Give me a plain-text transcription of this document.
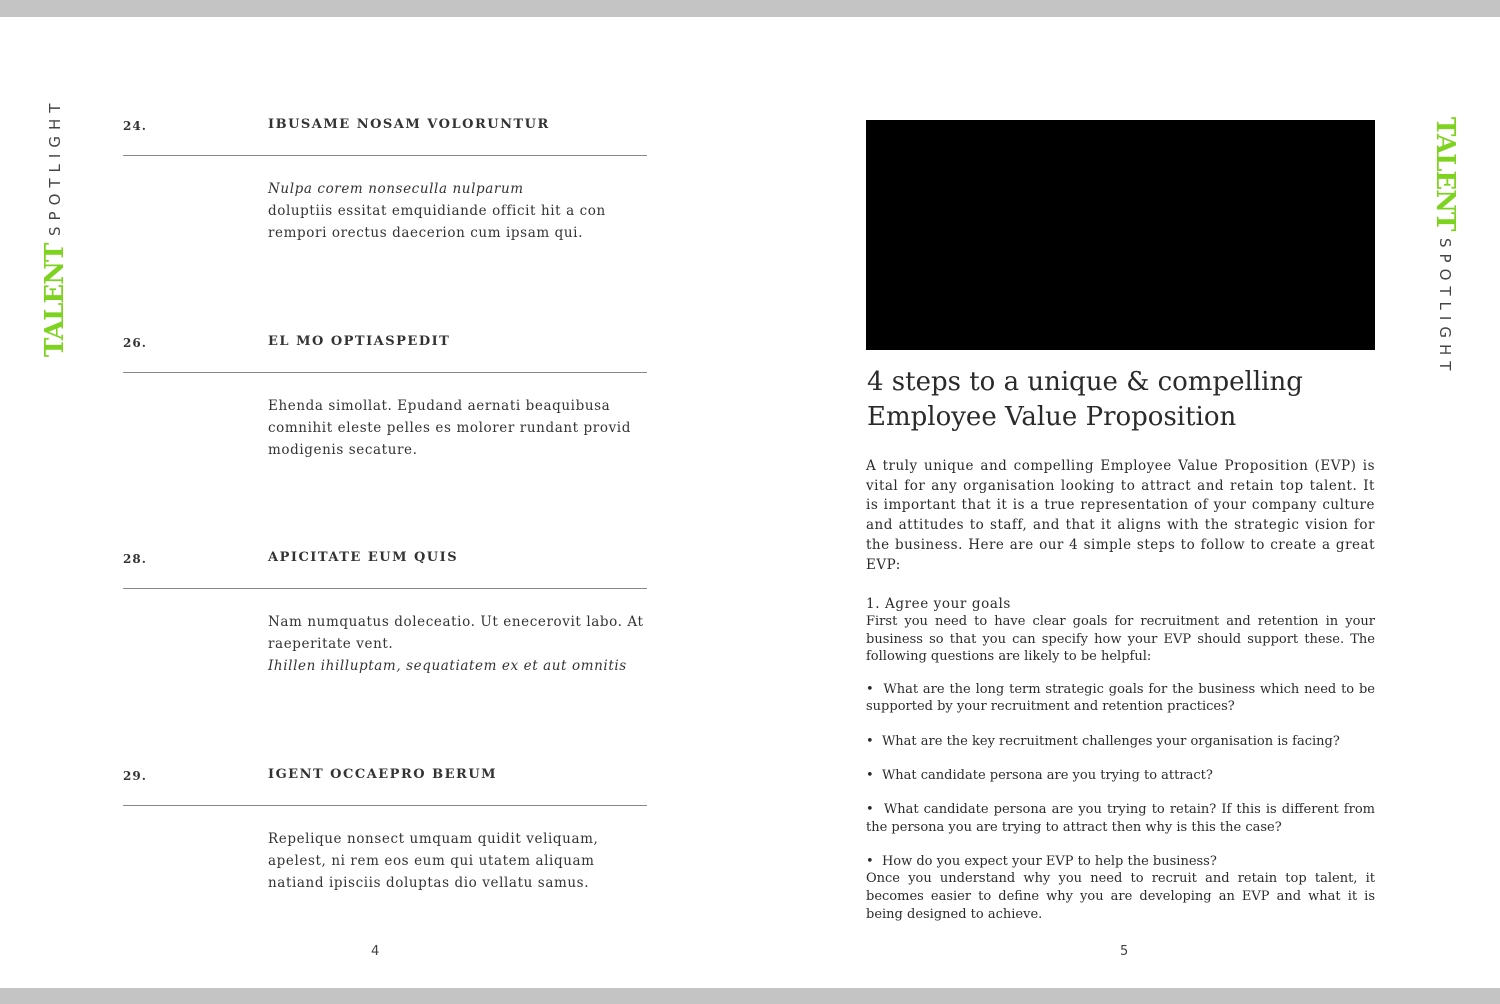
TALENT
SPOTLIGHT	24.	IBUSAME NOSAM VOLORUNTUR
Nulpa corem nonseculla nulparum
doluptiis essitat emquidiande officit hit a con rempori orectus daecerion cum ipsam qui.
26.	EL MO OPTIASPEDIT
Ehenda simollat. Epudand aernati beaquibusa comnihit eleste pelles es molorer rundant provid modigenis secature.
28.	APICITATE EUM QUIS
Nam numquatus doleceatio. Ut enecerovit labo. At raeperitate vent.
Ihillen ihilluptam, sequatiatem ex et aut omnitis
29.	IGENT OCCAEPRO BERUM
Repelique nonsect umquam quidit veliquam, apelest, ni rem eos eum qui utatem aliquam natiand ipisciis doluptas dio vellatu samus.
4
4 steps to a unique & compelling
Employee Value Proposition

A truly unique and compelling Employee Value Proposition (EVP) is vital for any organisation looking to attract and retain top talent. It is important that it is a true representation of your company culture and attitudes to staff, and that it aligns with the strategic vision for the business. Here are our 4 simple steps to follow to create a great EVP:

1. Agree your goals

First you need to have clear goals for recruitment and retention in your business so that you can specify how your EVP should support these. The following questions are likely to be helpful:

•  What are the long term strategic goals for the business which need to be supported by your recruitment and retention practices?
•  What are the key recruitment challenges your organisation is facing?
•  What candidate persona are you trying to attract?
•  What candidate persona are you trying to retain? If this is different from the persona you are trying to attract then why is this the case?
•  How do you expect your EVP to help the business?

Once you understand why you need to recruit and retain top talent, it becomes easier to define why you are developing an EVP and what it is being designed to achieve.

TALENT
SPOTLIGHT
5
